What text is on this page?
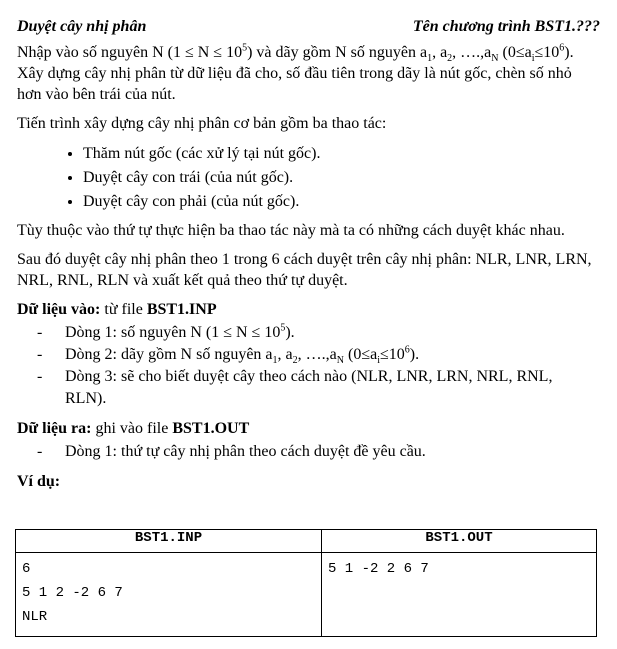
Duyệt cây nhị phân	Tên chương trình BST1.???

Nhập vào số nguyên N $(1 \le N \le 10^5)$ và dãy gồm N số nguyên $a_1$, $a_2$, $\dots.,a_N$ $(0\le a_i\le 10^6)$.
Xây dựng cây nhị phân từ dữ liệu đã cho, số đầu tiên trong dãy là nút gốc, chèn số nhỏ hơn vào bên trái của nút.

Tiến trình xây dựng cây nhị phân cơ bản gồm ba thao tác:

• Thăm nút gốc (các xử lý tại nút gốc).
• Duyệt cây con trái (của nút gốc).
• Duyệt cây con phải (của nút gốc).

Tùy thuộc vào thứ tự thực hiện ba thao tác này mà ta có những cách duyệt khác nhau.

Sau đó duyệt cây nhị phân theo 1 trong 6 cách duyệt trên cây nhị phân: NLR, LNR, LRN, NRL, RNL, RLN và xuất kết quả theo thứ tự duyệt.

Dữ liệu vào: từ file BST1.INP

- Dòng 1: số nguyên N $(1 \le N \le 10^5)$.
- Dòng 2: dãy gồm N số nguyên $a_1$, $a_2$, $\dots.,a_N$ $(0\le a_i\le 10^6)$.
- Dòng 3: sẽ cho biết duyệt cây theo cách nào (NLR, LNR, LRN, NRL, RNL, RLN).

Dữ liệu ra: ghi vào file BST1.OUT

- Dòng 1: thứ tự cây nhị phân theo cách duyệt đề yêu cầu.

Ví dụ:

BST1.INP	BST1.OUT

6
5 1 2 -2 6 7
NLR	5 1 -2 2 6 7
